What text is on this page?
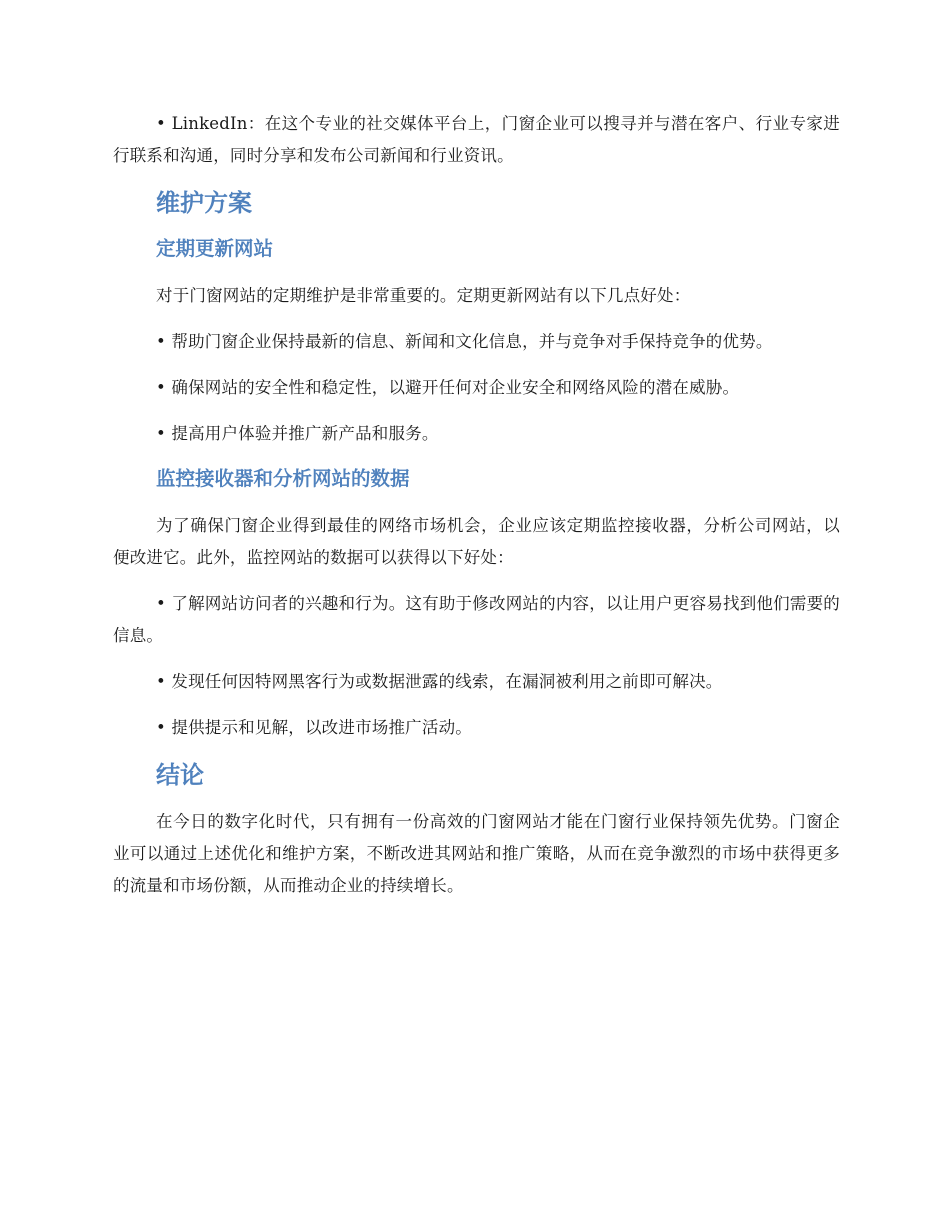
• LinkedIn：在这个专业的社交媒体平台上，门窗企业可以搜寻并与潜在客户、行业专家进行联系和沟通，同时分享和发布公司新闻和行业资讯。

维护方案
定期更新网站

对于门窗网站的定期维护是非常重要的。定期更新网站有以下几点好处：

• 帮助门窗企业保持最新的信息、新闻和文化信息，并与竞争对手保持竞争的优势。

• 确保网站的安全性和稳定性，以避开任何对企业安全和网络风险的潜在威胁。

• 提高用户体验并推广新产品和服务。

监控接收器和分析网站的数据

为了确保门窗企业得到最佳的网络市场机会，企业应该定期监控接收器，分析公司网站，以便改进它。此外，监控网站的数据可以获得以下好处：

• 了解网站访问者的兴趣和行为。这有助于修改网站的内容，以让用户更容易找到他们需要的信息。

• 发现任何因特网黑客行为或数据泄露的线索，在漏洞被利用之前即可解决。

• 提供提示和见解，以改进市场推广活动。

结论

在今日的数字化时代，只有拥有一份高效的门窗网站才能在门窗行业保持领先优势。门窗企业可以通过上述优化和维护方案，不断改进其网站和推广策略，从而在竞争激烈的市场中获得更多的流量和市场份额，从而推动企业的持续增长。
